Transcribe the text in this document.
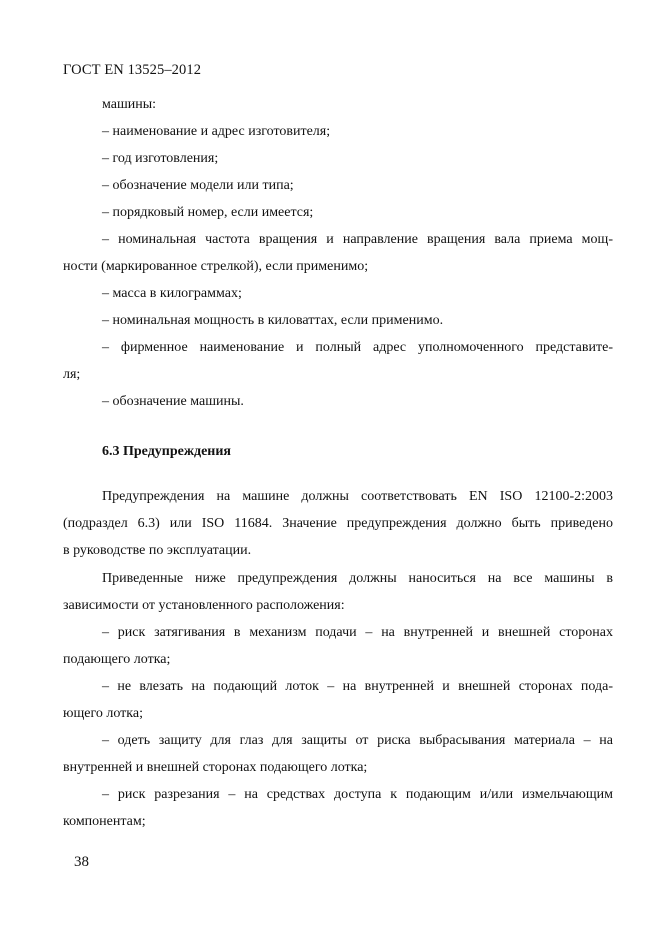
ГОСТ EN 13525–2012
машины:
– наименование и адрес изготовителя;
– год изготовления;
– обозначение модели или типа;
– порядковый номер, если имеется;
– номинальная частота вращения и направление вращения вала приема мощ-
ности (маркированное стрелкой), если применимо;
– масса в килограммах;
– номинальная мощность в киловаттах, если применимо.
– фирменное наименование и полный адрес уполномоченного представите-
ля;
– обозначение машины.
6.3 Предупреждения
Предупреждения на машине должны соответствовать EN ISO 12100-2:2003
(подраздел 6.3) или ISO 11684. Значение предупреждения должно быть приведено
в руководстве по эксплуатации.
Приведенные ниже предупреждения должны наноситься на все машины в
зависимости от установленного расположения:
– риск затягивания в механизм подачи – на внутренней и внешней сторонах
подающего лотка;
– не влезать на подающий лоток – на внутренней и внешней сторонах пода-
ющего лотка;
– одеть защиту для глаз для защиты от риска выбрасывания материала – на
внутренней и внешней сторонах подающего лотка;
– риск разрезания – на средствах доступа к подающим и/или измельчающим
компонентам;
38
